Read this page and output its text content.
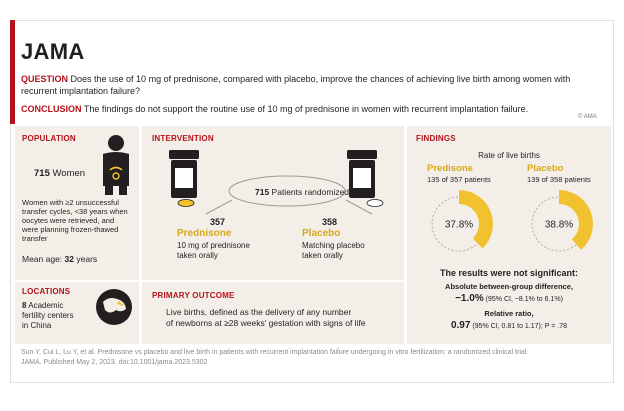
JAMA
QUESTION Does the use of 10 mg of prednisone, compared with placebo, improve the chances of achieving live birth among women with recurrent implantation failure?
CONCLUSION The findings do not support the routine use of 10 mg of prednisone in women with recurrent implantation failure.
© AMA
POPULATION
715 Women
Women with ≥2 unsuccessful transfer cycles, <38 years when oocytes were retrieved, and were planning frozen-thawed transfer
Mean age: 32 years
LOCATIONS
8 Academic
fertility centers
in China
INTERVENTION
715 Patients randomized
357
Prednisone
10 mg of prednisone
taken orally
358
Placebo
Matching placebo
taken orally
PRIMARY OUTCOME
Live births, defined as the delivery of any number
of newborns at ≥28 weeks' gestation with signs of life
FINDINGS
Rate of live births
Predisone
135 of 357 patients
Placebo
139 of 358 patients
37.8%	38.8%
The results were not significant:
Absolute between-group difference,
−1.0% (95% CI, −8.1% to 6.1%)
Relative ratio,
0.97 (95% CI, 0.81 to 1.17); P = .78
Sun Y, Cui L, Lu Y, et al. Prednisone vs placebo and live birth in patients with recurrent implantation failure undergoing in vitro fertilization: a randomized clinical trial.
JAMA. Published May 2, 2023. doi:10.1001/jama.2023.5302
